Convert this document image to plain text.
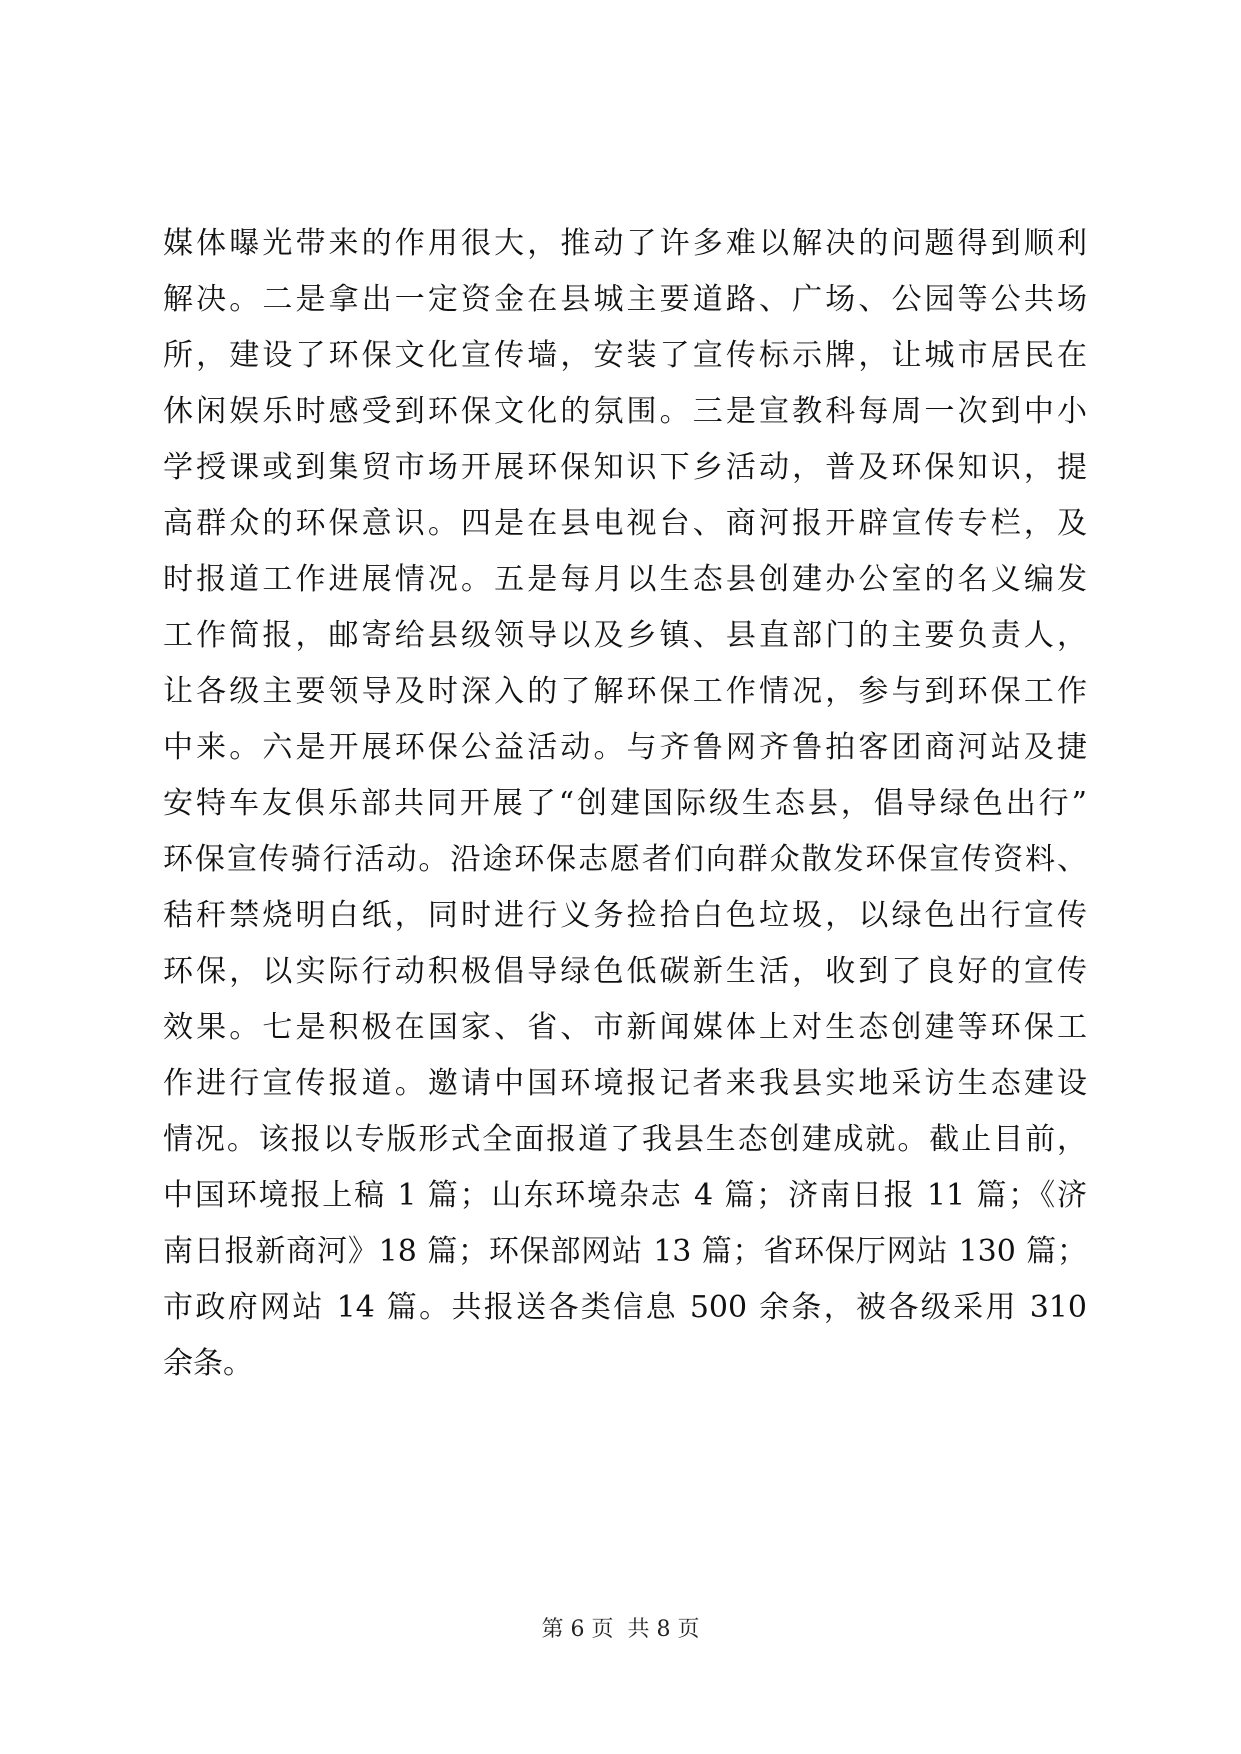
媒体曝光带来的作用很大，推动了许多难以解决的问题得到顺利
解决。二是拿出一定资金在县城主要道路、广场、公园等公共场
所，建设了环保文化宣传墙，安装了宣传标示牌，让城市居民在
休闲娱乐时感受到环保文化的氛围。三是宣教科每周一次到中小
学授课或到集贸市场开展环保知识下乡活动，普及环保知识，提
高群众的环保意识。四是在县电视台、商河报开辟宣传专栏，及
时报道工作进展情况。五是每月以生态县创建办公室的名义编发
工作简报，邮寄给县级领导以及乡镇、县直部门的主要负责人，
让各级主要领导及时深入的了解环保工作情况，参与到环保工作
中来。六是开展环保公益活动。与齐鲁网齐鲁拍客团商河站及捷
安特车友俱乐部共同开展了“创建国际级生态县，倡导绿色出行”
环保宣传骑行活动。沿途环保志愿者们向群众散发环保宣传资料、
秸秆禁烧明白纸，同时进行义务捡拾白色垃圾，以绿色出行宣传
环保，以实际行动积极倡导绿色低碳新生活，收到了良好的宣传
效果。七是积极在国家、省、市新闻媒体上对生态创建等环保工
作进行宣传报道。邀请中国环境报记者来我县实地采访生态建设
情况。该报以专版形式全面报道了我县生态创建成就。截止目前，
中国环境报上稿 1 篇；山东环境杂志 4 篇；济南日报 11 篇；《济
南日报新商河》18 篇；环保部网站 13 篇；省环保厅网站 130 篇；
市政府网站 14 篇。共报送各类信息 500 余条，被各级采用 310
余条。
第 6 页 共 8 页
